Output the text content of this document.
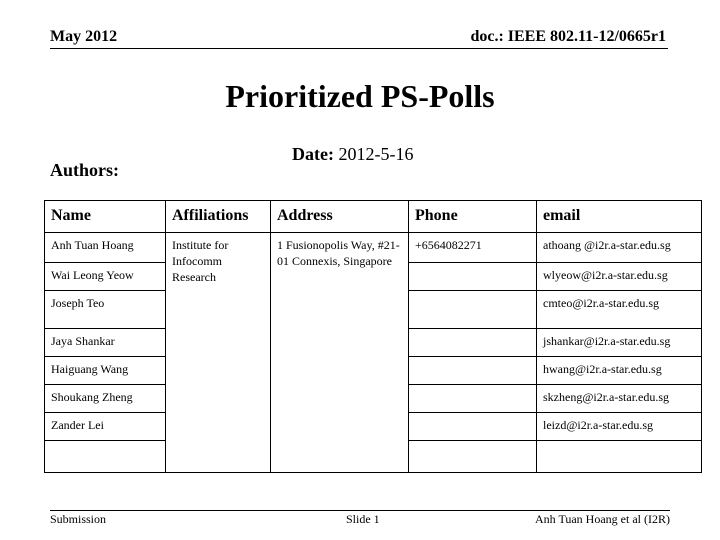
May 2012	doc.: IEEE 802.11-12/0665r1
Prioritized PS-Polls
Date: 2012-5-16
Authors:
Name	Affiliations	Address	Phone	email
Anh Tuan Hoang	Institute for Infocomm Research	1 Fusionopolis Way, #21-01 Connexis, Singapore	+6564082271	athoang @i2r.a-star.edu.sg
Wai Leong Yeow				wlyeow@i2r.a-star.edu.sg
Joseph Teo				cmteo@i2r.a-star.edu.sg
Jaya Shankar				jshankar@i2r.a-star.edu.sg
Haiguang Wang				hwang@i2r.a-star.edu.sg
Shoukang Zheng				skzheng@i2r.a-star.edu.sg
Zander Lei				leizd@i2r.a-star.edu.sg

Submission	Slide 1	Anh Tuan Hoang et al (I2R)
